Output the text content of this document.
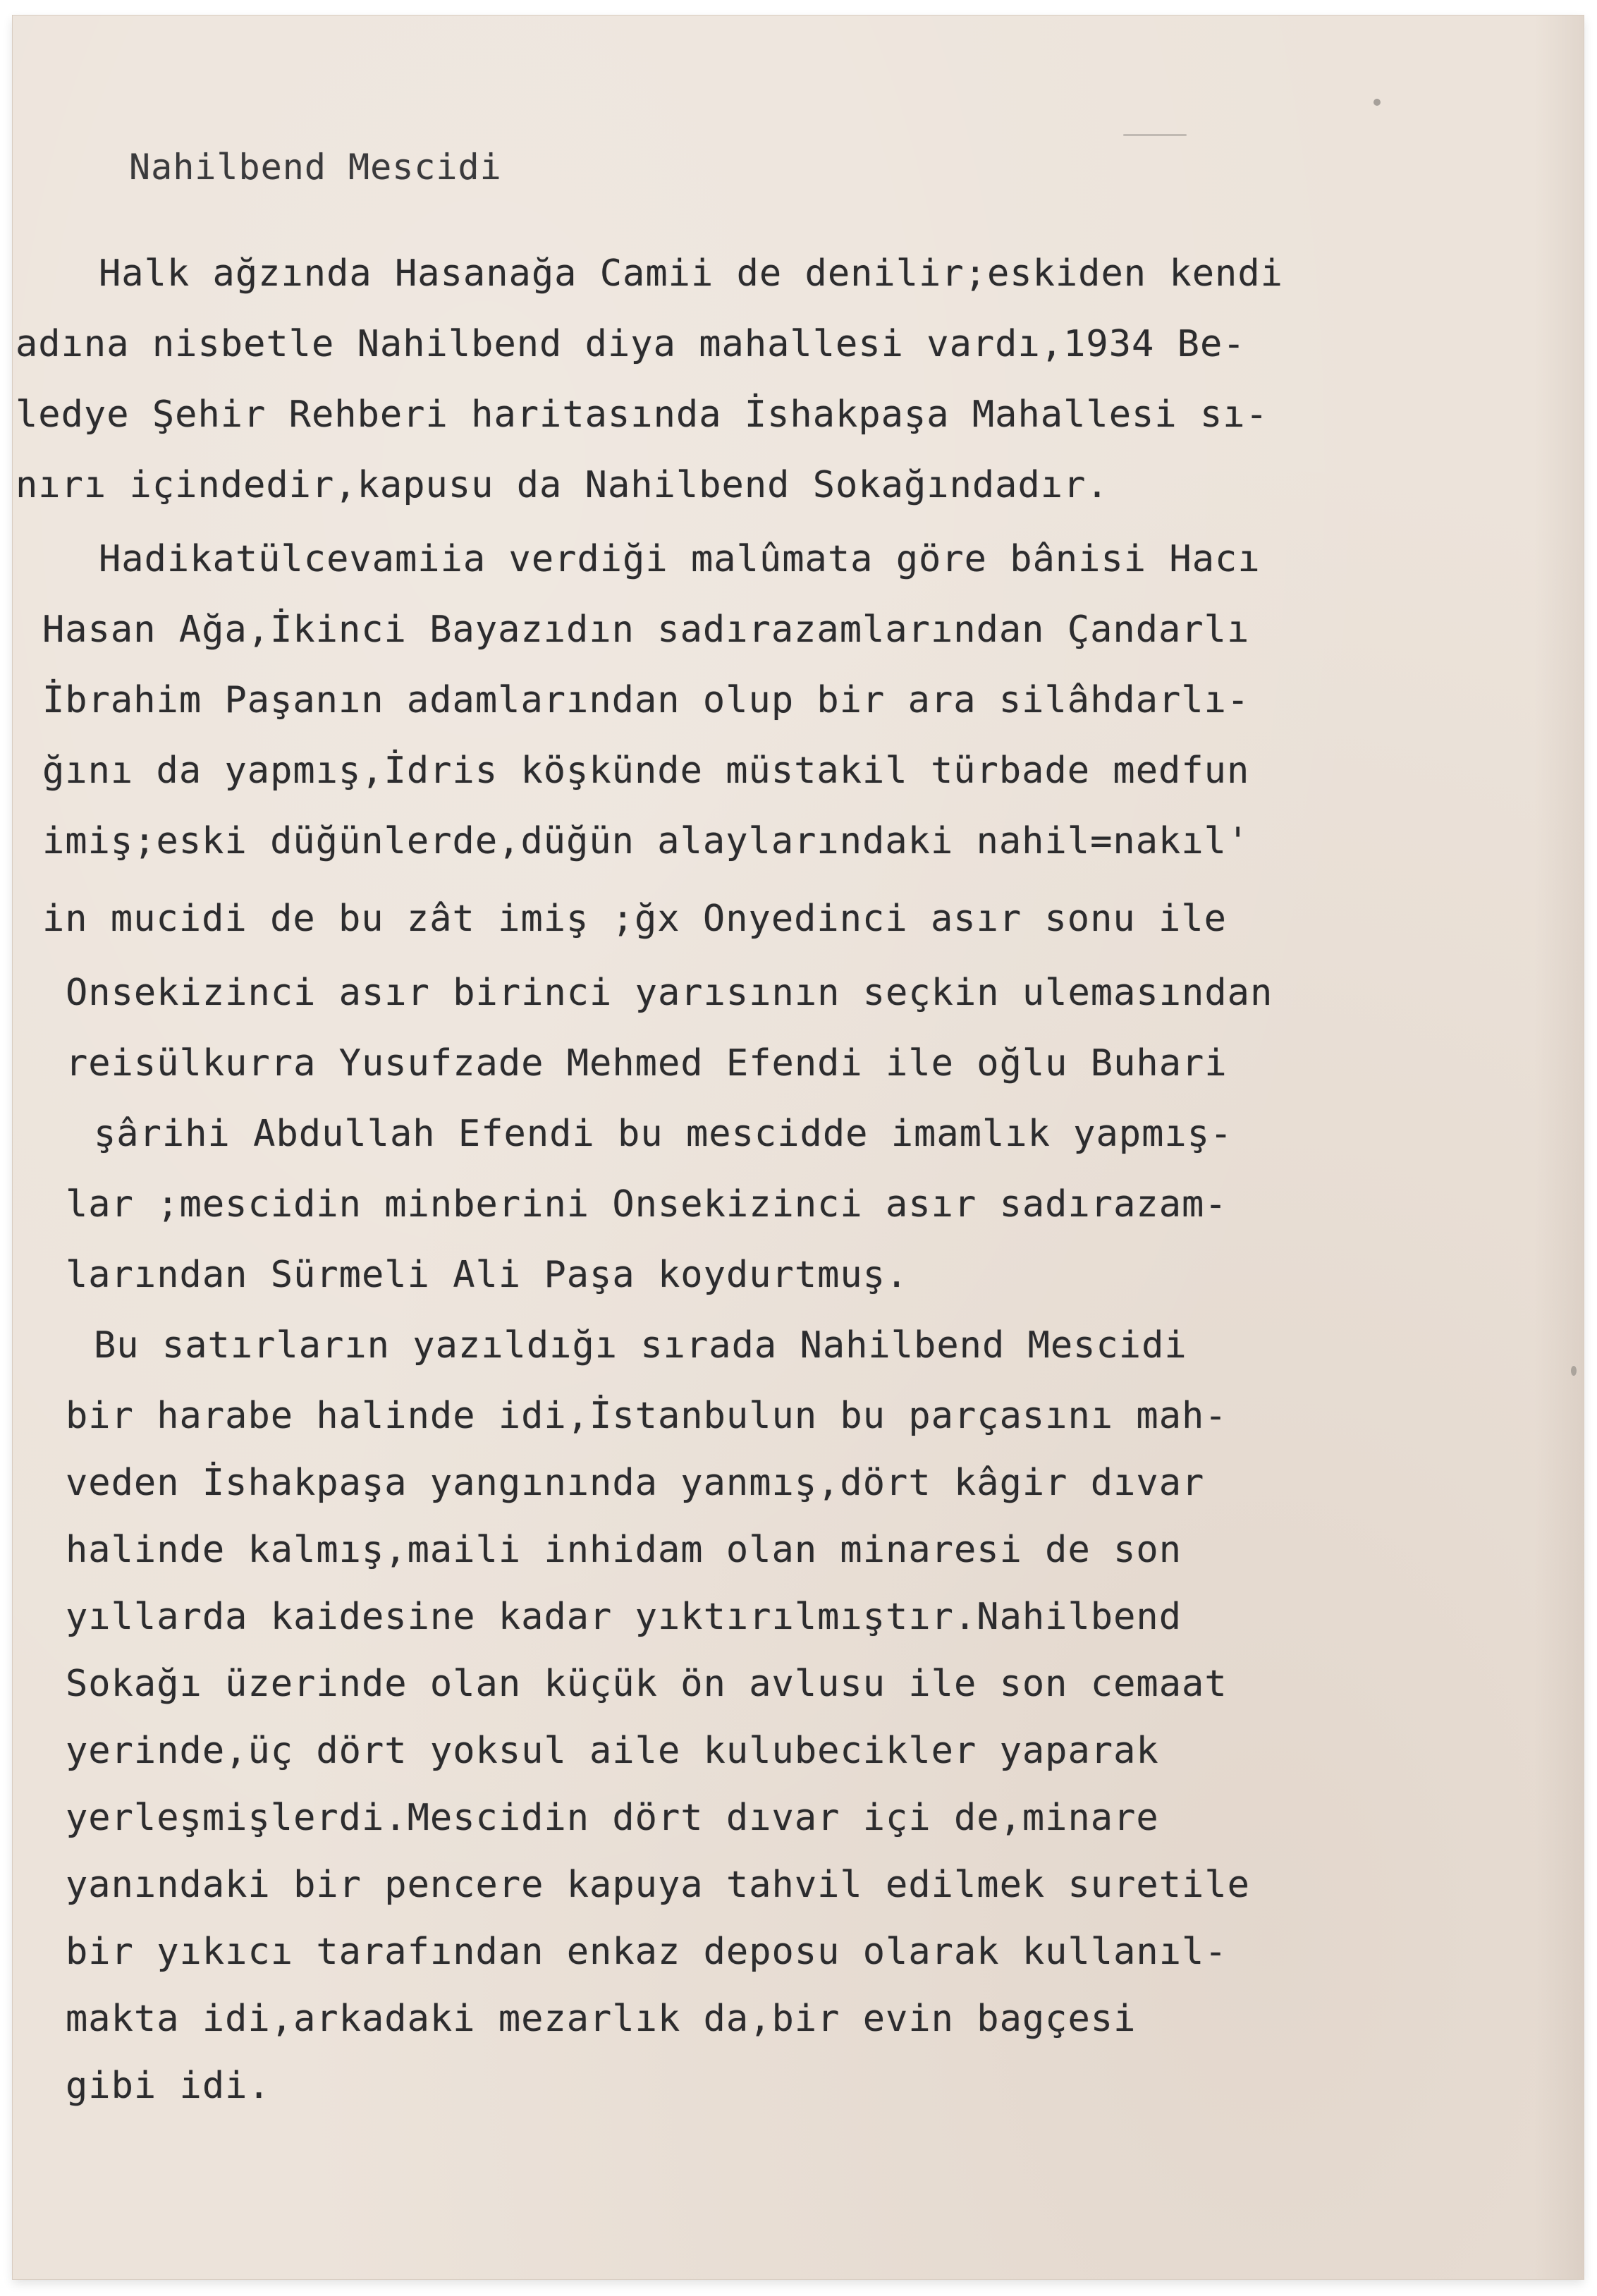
Nahilbend Mescidi
Halk ağzında Hasanağa Camii de denilir;eskiden kendi
adına nisbetle Nahilbend diya mahallesi vardı,1934 Be-
ledye Şehir Rehberi haritasında İshakpaşa Mahallesi sı-
nırı içindedir,kapusu da Nahilbend Sokağındadır.
Hadikatülcevamiia verdiği malûmata göre bânisi Hacı
Hasan Ağa,İkinci Bayazıdın sadırazamlarından Çandarlı
İbrahim Paşanın adamlarından olup bir ara silâhdarlı-
ğını da yapmış,İdris köşkünde müstakil türbade medfun
imiş;eski düğünlerde,düğün alaylarındaki nahil=nakıl'
in mucidi de bu zât imiş ;ğx Onyedinci asır sonu ile
Onsekizinci asır birinci yarısının seçkin ulemasından
reisülkurra Yusufzade Mehmed Efendi ile oğlu Buhari
şârihi Abdullah Efendi bu mescidde imamlık yapmış-
lar ;mescidin minberini Onsekizinci asır sadırazam-
larından Sürmeli Ali Paşa koydurtmuş.
Bu satırların yazıldığı sırada Nahilbend Mescidi
bir harabe halinde idi,İstanbulun bu parçasını mah-
veden İshakpaşa yangınında yanmış,dört kâgir dıvar
halinde kalmış,maili inhidam olan minaresi de son
yıllarda kaidesine kadar yıktırılmıştır.Nahilbend
Sokağı üzerinde olan küçük ön avlusu ile son cemaat
yerinde,üç dört yoksul aile kulubecikler yaparak
yerleşmişlerdi.Mescidin dört dıvar içi de,minare
yanındaki bir pencere kapuya tahvil edilmek suretile
bir yıkıcı tarafından enkaz deposu olarak kullanıl-
makta idi,arkadaki mezarlık da,bir evin bagçesi
gibi idi.
